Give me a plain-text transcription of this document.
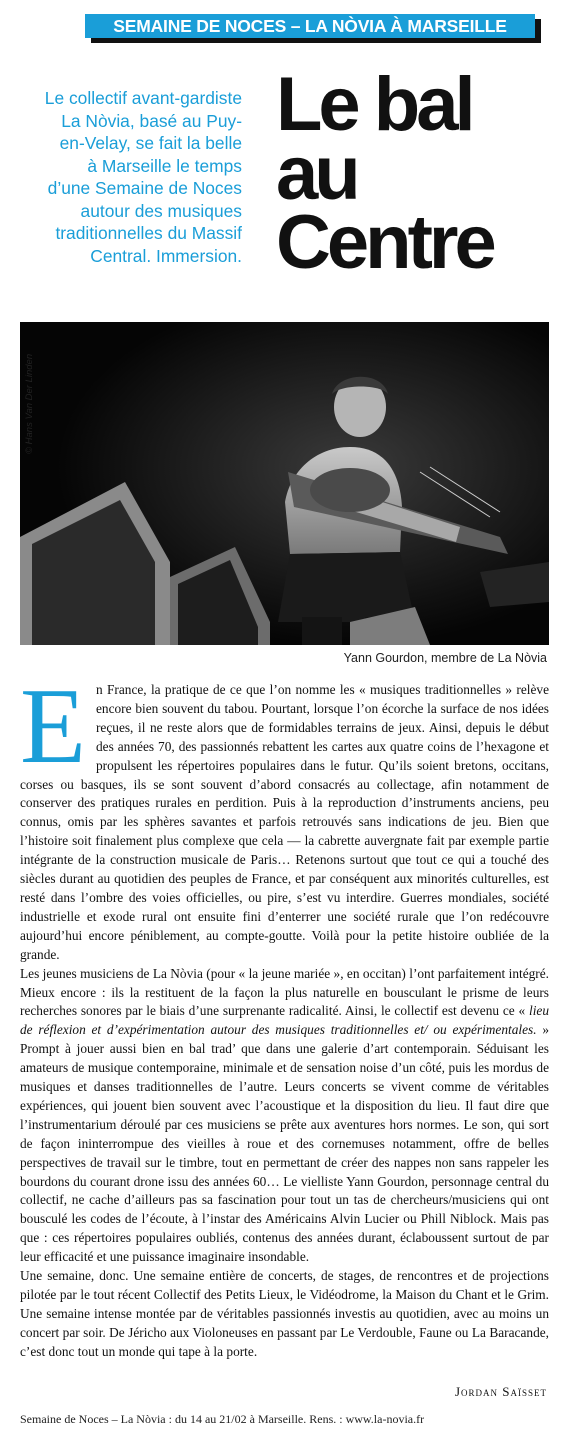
SEMAINE DE NOCES – LA NÒVIA À MARSEILLE
Le collectif avant-gardiste
La Nòvia, basé au Puy-
en-Velay, se fait la belle
à Marseille le temps
d’une Semaine de Noces
autour des musiques
traditionnelles du Massif
Central. Immersion.
Le bal
au
Centre
© Hans Van Der Linden
Yann Gourdon, membre de La Nòvia

En France, la pratique de ce que l’on nomme les « musiques traditionnelles » relève encore bien souvent du tabou. Pourtant, lorsque l’on écorche la surface de nos idées reçues, il ne reste alors que de formidables terrains de jeux. Ainsi, depuis le début des années 70, des passionnés rebattent les cartes aux quatre coins de l’hexagone et propulsent les répertoires populaires dans le futur. Qu’ils soient bretons, occitans, corses ou basques, ils se sont souvent d’abord consacrés au collectage, afin notamment de conserver des pratiques rurales en perdition. Puis à la reproduction d’instruments anciens, peu connus, omis par les sphères savantes et parfois retrouvés sans indications de jeu. Bien que l’histoire soit finalement plus complexe que cela — la cabrette auvergnate fait par exemple partie intégrante de la construction musicale de Paris… Retenons surtout que tout ce qui a touché des siècles durant au quotidien des peuples de France, et par conséquent aux minorités culturelles, est resté dans l’ombre des voies officielles, ou pire, s’est vu interdire. Guerres mondiales, société industrielle et exode rural ont ensuite fini d’enterrer une société rurale que l’on redécouvre aujourd’hui encore péniblement, au compte-goutte. Voilà pour la petite histoire oubliée de la grande.

Les jeunes musiciens de La Nòvia (pour « la jeune mariée », en occitan) l’ont parfaitement intégré. Mieux encore : ils la restituent de la façon la plus naturelle en bousculant le prisme de leurs recherches sonores par le biais d’une surprenante radicalité. Ainsi, le collectif est devenu ce « lieu de réflexion et d’expérimentation autour des musiques traditionnelles et/ ou expérimentales. » Prompt à jouer aussi bien en bal trad’ que dans une galerie d’art contemporain. Séduisant les amateurs de musique contemporaine, minimale et de sensation noise d’un côté, puis les mordus de musiques et danses traditionnelles de l’autre. Leurs concerts se vivent comme de véritables expériences, qui jouent bien souvent avec l’acoustique et la disposition du lieu. Il faut dire que l’instrumentarium déroulé par ces musiciens se prête aux aventures hors normes. Le son, qui sort de façon ininterrompue des vieilles à roue et des cornemuses notamment, offre de belles perspectives de travail sur le timbre, tout en permettant de créer des nappes non sans rappeler les bourdons du courant drone issu des années 60… Le vielliste Yann Gourdon, personnage central du collectif, ne cache d’ailleurs pas sa fascination pour tout un tas de chercheurs/musiciens qui ont bousculé les codes de l’écoute, à l’instar des Américains Alvin Lucier ou Phill Niblock. Mais pas que : ces répertoires populaires oubliés, contenus des années durant, éclaboussent surtout de par leur efficacité et une puissance imaginaire insondable.

Une semaine, donc. Une semaine entière de concerts, de stages, de rencontres et de projections pilotée par le tout récent Collectif des Petits Lieux, le Vidéodrome, la Maison du Chant et le Grim. Une semaine intense montée par de véritables passionnés investis au quotidien, avec au moins un concert par soir. De Jéricho aux Violoneuses en passant par Le Verdouble, Faune ou La Baracande, c’est donc tout un monde qui tape à la porte.

Jordan Saïsset
Semaine de Noces – La Nòvia : du 14 au 21/02 à Marseille. Rens. : www.la-novia.fr
